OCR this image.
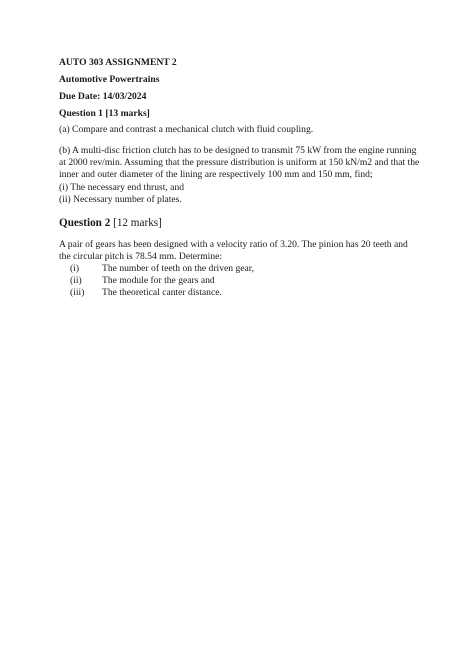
AUTO 303 ASSIGNMENT 2
Automotive Powertrains
Due Date: 14/03/2024
Question 1 [13 marks]

(a) Compare and contrast a mechanical clutch with fluid coupling.

(b) A multi-disc friction clutch has to be designed to transmit 75 kW from the engine running
at 2000 rev/min. Assuming that the pressure distribution is uniform at 150 kN/m2 and that the
inner and outer diameter of the lining are respectively 100 mm and 150 mm, find;
(i) The necessary end thrust, and
(ii) Necessary number of plates.

Question 2 [12 marks]

A pair of gears has been designed with a velocity ratio of 3.20. The pinion has 20 teeth and
the circular pitch is 78.54 mm. Determine:

(i) The number of teeth on the driven gear,
(ii) The module for the gears and
(iii) The theoretical canter distance.
